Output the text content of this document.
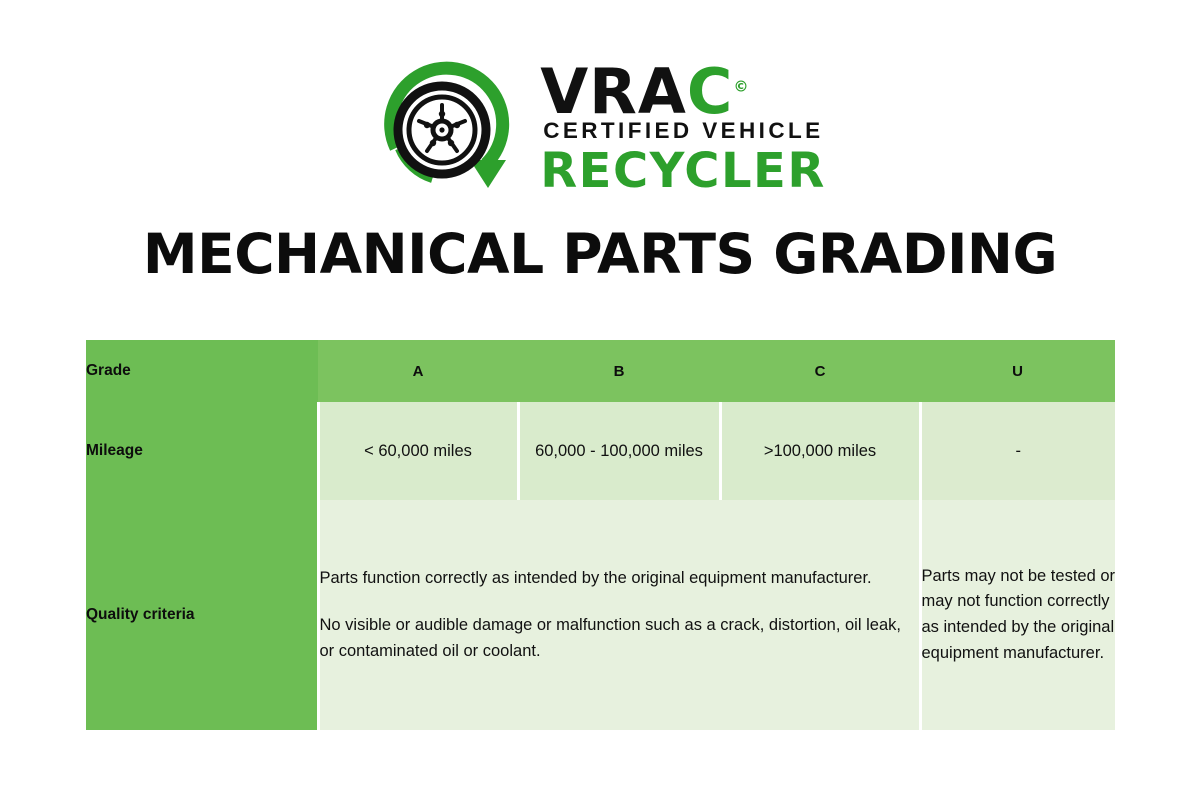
VRAC©
CERTIFIED VEHICLE
RECYCLER
MECHANICAL PARTS GRADING
Grade	A	B	C	U
Mileage	< 60,000 miles	60,000 - 100,000 miles	>100,000 miles	-
Quality criteria	Parts function correctly as intended by the original equipment manufacturer.

No visible or audible damage or malfunction such as a crack, distortion, oil leak, or contaminated oil or coolant.			Parts may not be tested or may not function correctly as intended by the original equipment manufacturer.
